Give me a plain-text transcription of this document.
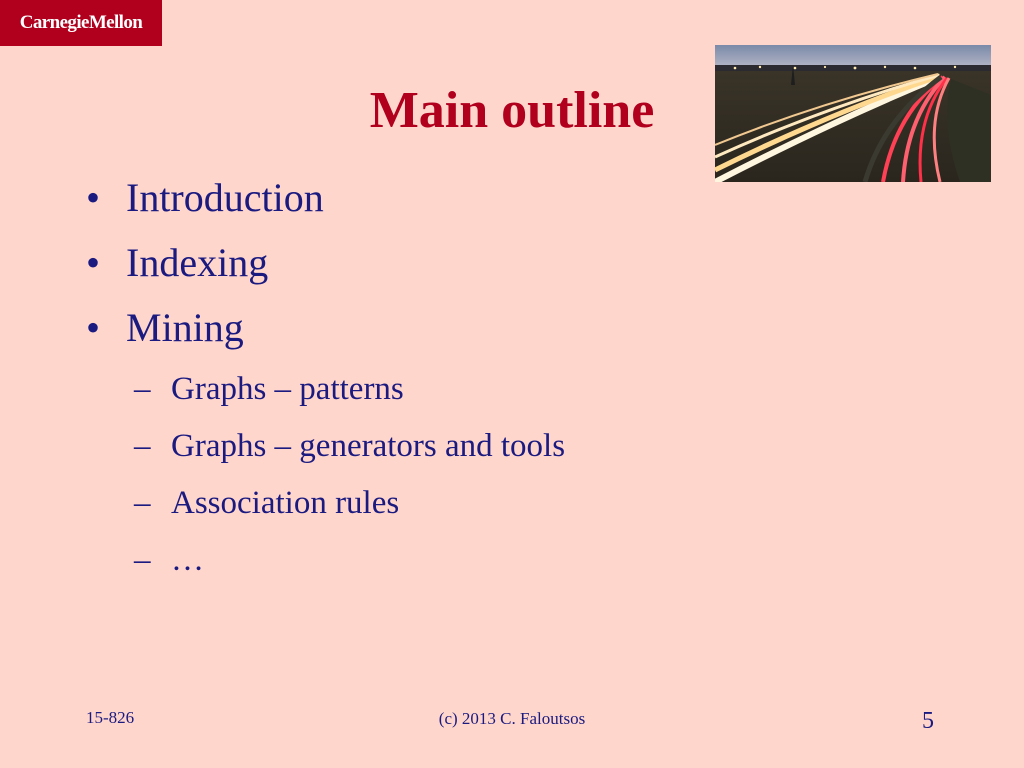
CarnegieMellon
Main outline
• Introduction
• Indexing
• Mining
– Graphs – patterns
– Graphs – generators and tools
– Association rules
– …
15-826	(c) 2013 C. Faloutsos	5
